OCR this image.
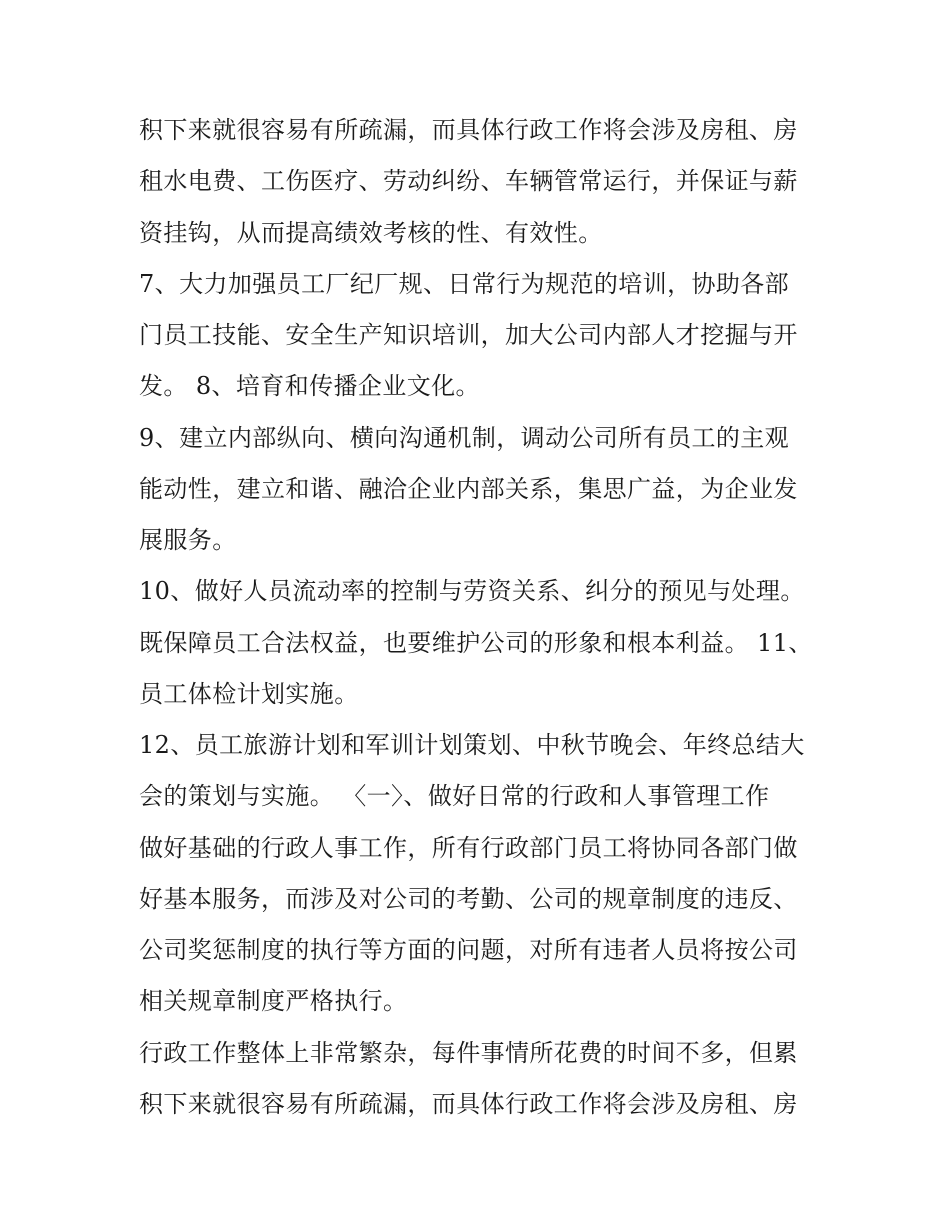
积下来就很容易有所疏漏，而具体行政工作将会涉及房租、房
租水电费、工伤医疗、劳动纠纷、车辆管常运行，并保证与薪
资挂钩，从而提高绩效考核的性、有效性。
7、大力加强员工厂纪厂规、日常行为规范的培训，协助各部
门员工技能、安全生产知识培训，加大公司内部人才挖掘与开
发。 8、培育和传播企业文化。
9、建立内部纵向、横向沟通机制，调动公司所有员工的主观
能动性，建立和谐、融洽企业内部关系，集思广益，为企业发
展服务。
10、做好人员流动率的控制与劳资关系、纠分的预见与处理。
既保障员工合法权益，也要维护公司的形象和根本利益。 11、
员工体检计划实施。
12、员工旅游计划和军训计划策划、中秋节晚会、年终总结大
会的策划与实施。 〈一〉、做好日常的行政和人事管理工作
做好基础的行政人事工作，所有行政部门员工将协同各部门做
好基本服务，而涉及对公司的考勤、公司的规章制度的违反、
公司奖惩制度的执行等方面的问题，对所有违者人员将按公司
相关规章制度严格执行。
行政工作整体上非常繁杂，每件事情所花费的时间不多，但累
积下来就很容易有所疏漏，而具体行政工作将会涉及房租、房
